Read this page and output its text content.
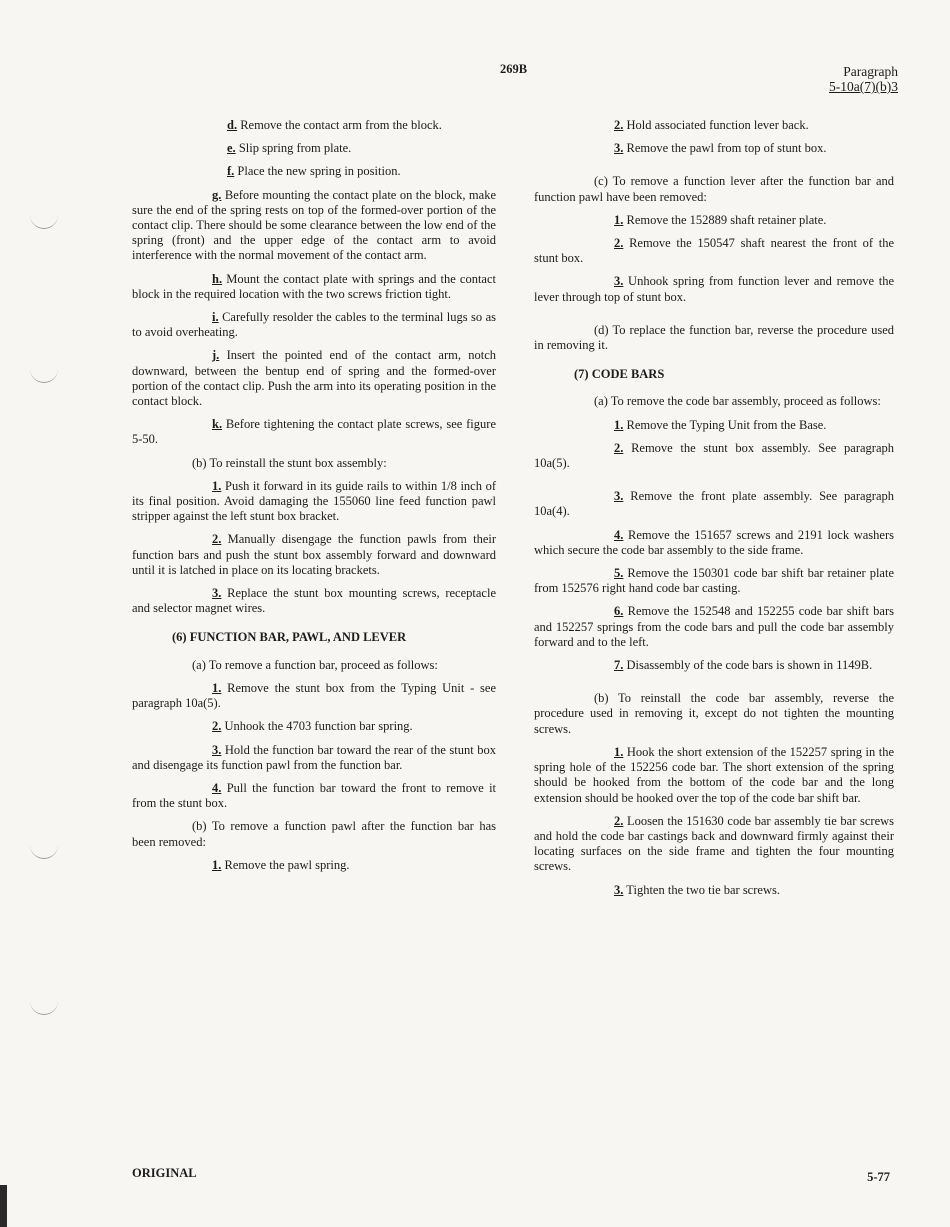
269B	Paragraph
5-10a(7)(b)3

d. Remove the contact arm from the block.

e. Slip spring from plate.

f. Place the new spring in position.

g. Before mounting the contact plate on the block, make sure the end of the spring rests on top of the formed-over portion of the contact clip. There should be some clearance between the low end of the spring (front) and the upper edge of the contact arm to avoid interference with the normal movement of the contact arm.

h. Mount the contact plate with springs and the contact block in the required location with the two screws friction tight.

i. Carefully resolder the cables to the terminal lugs so as to avoid overheating.

j. Insert the pointed end of the contact arm, notch downward, between the bentup end of spring and the formed-over portion of the contact clip. Push the arm into its operating position in the contact block.

k. Before tightening the contact plate screws, see figure 5-50.

(b) To reinstall the stunt box assembly:

1. Push it forward in its guide rails to within 1/8 inch of its final position. Avoid damaging the 155060 line feed function pawl stripper against the left stunt box bracket.

2. Manually disengage the function pawls from their function bars and push the stunt box assembly forward and downward until it is latched in place on its locating brackets.

3. Replace the stunt box mounting screws, receptacle and selector magnet wires.

(6) FUNCTION BAR, PAWL, AND LEVER

(a) To remove a function bar, proceed as follows:

1. Remove the stunt box from the Typing Unit - see paragraph 10a(5).

2. Unhook the 4703 function bar spring.

3. Hold the function bar toward the rear of the stunt box and disengage its function pawl from the function bar.

4. Pull the function bar toward the front to remove it from the stunt box.

(b) To remove a function pawl after the function bar has been removed:

1. Remove the pawl spring.

2. Hold associated function lever back.

3. Remove the pawl from top of stunt box.

(c) To remove a function lever after the function bar and function pawl have been removed:

1. Remove the 152889 shaft retainer plate.

2. Remove the 150547 shaft nearest the front of the stunt box.

3. Unhook spring from function lever and remove the lever through top of stunt box.

(d) To replace the function bar, reverse the procedure used in removing it.

(7) CODE BARS

(a) To remove the code bar assembly, proceed as follows:

1. Remove the Typing Unit from the Base.

2. Remove the stunt box assembly. See paragraph 10a(5).

3. Remove the front plate assembly. See paragraph 10a(4).

4. Remove the 151657 screws and 2191 lock washers which secure the code bar assembly to the side frame.

5. Remove the 150301 code bar shift bar retainer plate from 152576 right hand code bar casting.

6. Remove the 152548 and 152255 code bar shift bars and 152257 springs from the code bars and pull the code bar assembly forward and to the left.

7. Disassembly of the code bars is shown in 1149B.

(b) To reinstall the code bar assembly, reverse the procedure used in removing it, except do not tighten the mounting screws.

1. Hook the short extension of the 152257 spring in the spring hole of the 152256 code bar. The short extension of the spring should be hooked from the bottom of the code bar and the long extension should be hooked over the top of the code bar shift bar.

2. Loosen the 151630 code bar assembly tie bar screws and hold the code bar castings back and downward firmly against their locating surfaces on the side frame and tighten the four mounting screws.

3. Tighten the two tie bar screws.

ORIGINAL	5-77
